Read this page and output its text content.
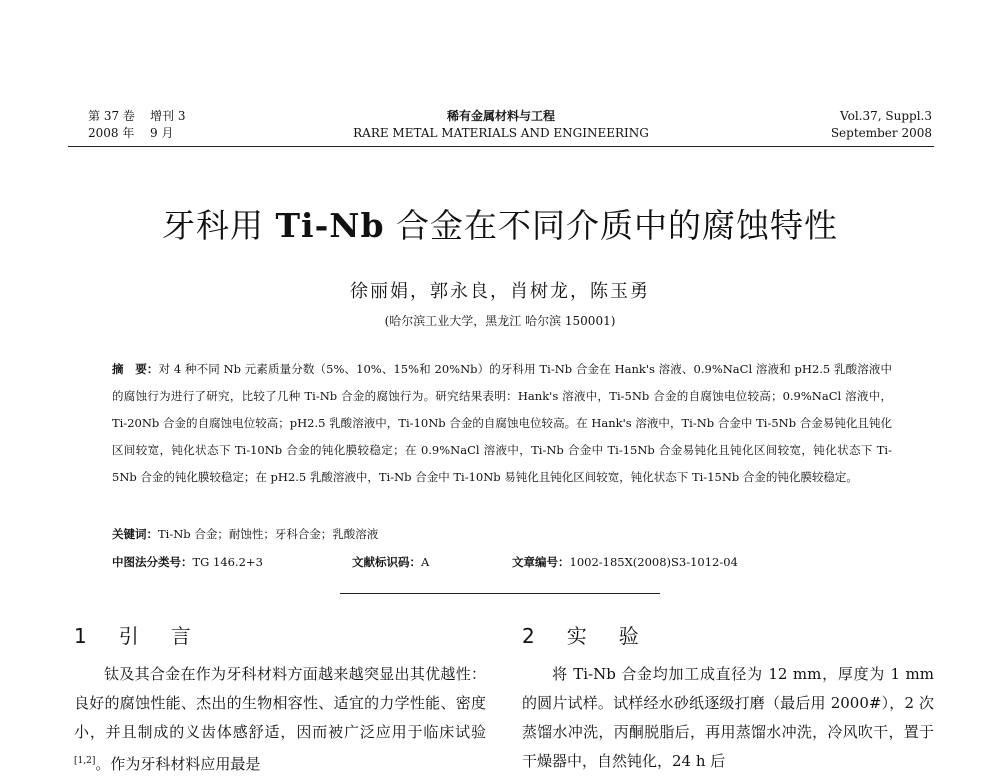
第 37 卷 增刊 3
2008 年 9 月
稀有金属材料与工程
RARE METAL MATERIALS AND ENGINEERING
Vol.37, Suppl.3
September 2008
牙科用 Ti-Nb 合金在不同介质中的腐蚀特性
徐丽娟，郭永良，肖树龙，陈玉勇
(哈尔滨工业大学，黑龙江 哈尔滨 150001)
摘　要：对 4 种不同 Nb 元素质量分数（5%、10%、15%和 20%Nb）的牙科用 Ti-Nb 合金在 Hank's 溶液、0.9%NaCl 溶液和 pH2.5 乳酸溶液中的腐蚀行为进行了研究，比较了几种 Ti-Nb 合金的腐蚀行为。研究结果表明：Hank's 溶液中，Ti-5Nb 合金的自腐蚀电位较高；0.9%NaCl 溶液中，Ti-20Nb 合金的自腐蚀电位较高；pH2.5 乳酸溶液中，Ti-10Nb 合金的自腐蚀电位较高。在 Hank's 溶液中，Ti-Nb 合金中 Ti-5Nb 合金易钝化且钝化区间较宽，钝化状态下 Ti-10Nb 合金的钝化膜较稳定；在 0.9%NaCl 溶液中，Ti-Nb 合金中 Ti-15Nb 合金易钝化且钝化区间较宽，钝化状态下 Ti-5Nb 合金的钝化膜较稳定；在 pH2.5 乳酸溶液中，Ti-Nb 合金中 Ti-10Nb 易钝化且钝化区间较宽，钝化状态下 Ti-15Nb 合金的钝化膜较稳定。
关键词：Ti-Nb 合金；耐蚀性；牙科合金；乳酸溶液
中图法分类号：TG 146.2+3	文献标识码：A	文章编号：1002-185X(2008)S3-1012-04
1　引　言	2　实　验
钛及其合金在作为牙科材料方面越来越突显出其优越性：良好的腐蚀性能、杰出的生物相容性、适宜的力学性能、密度小，并且制成的义齿体感舒适，因而被广泛应用于临床试验[1,2]。作为牙科材料应用最是
将 Ti-Nb 合金均加工成直径为 12 mm，厚度为 1 mm 的圆片试样。试样经水砂纸逐级打磨（最后用 2000#），2 次蒸馏水冲洗，丙酮脱脂后，再用蒸馏水冲洗，冷风吹干，置于干燥器中，自然钝化，24 h 后
